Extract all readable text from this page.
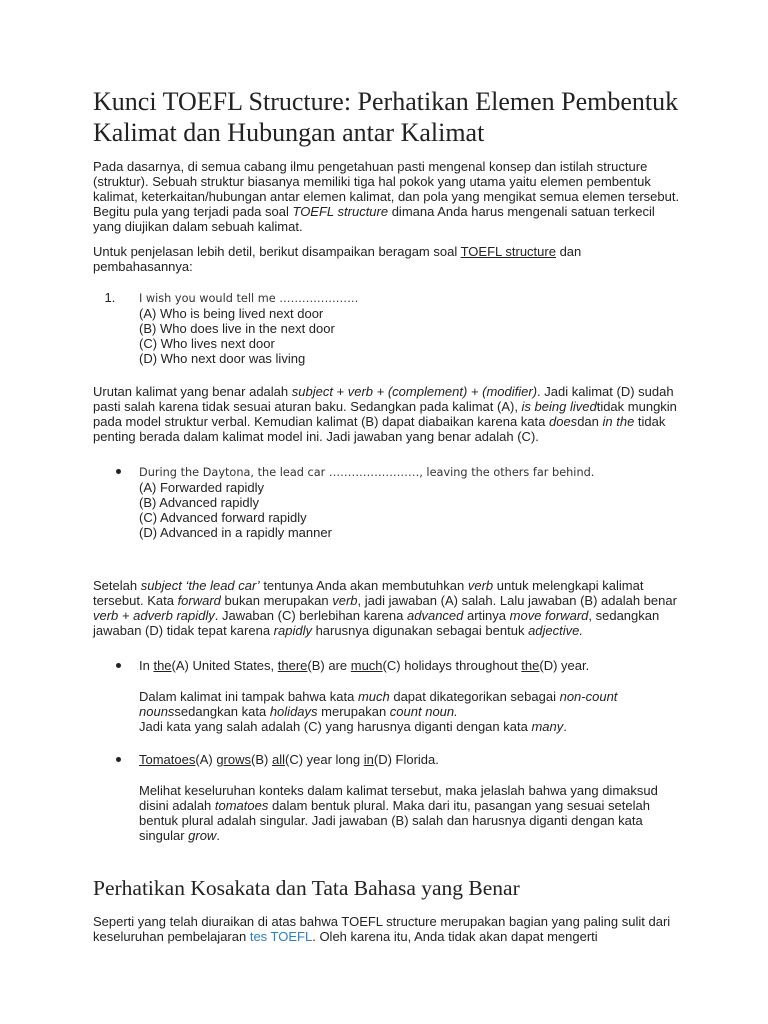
Kunci TOEFL Structure: Perhatikan Elemen Pembentuk Kalimat dan Hubungan antar Kalimat

Pada dasarnya, di semua cabang ilmu pengetahuan pasti mengenal konsep dan istilah structure (struktur). Sebuah struktur biasanya memiliki tiga hal pokok yang utama yaitu elemen pembentuk kalimat, keterkaitan/hubungan antar elemen kalimat, dan pola yang mengikat semua elemen tersebut. Begitu pula yang terjadi pada soal TOEFL structure dimana Anda harus mengenali satuan terkecil yang diujikan dalam sebuah kalimat.

Untuk penjelasan lebih detil, berikut disampaikan beragam soal TOEFL structure dan pembahasannya:

1. I wish you would tell me …………………
(A) Who is being lived next door
(B) Who does live in the next door
(C) Who lives next door
(D) Who next door was living

Urutan kalimat yang benar adalah subject + verb + (complement) + (modifier). Jadi kalimat (D) sudah pasti salah karena tidak sesuai aturan baku. Sedangkan pada kalimat (A), is being livedtidak mungkin pada model struktur verbal. Kemudian kalimat (B) dapat diabaikan karena kata doesdan in the tidak penting berada dalam kalimat model ini. Jadi jawaban yang benar adalah (C).

During the Daytona, the lead car ……………………, leaving the others far behind.
(A) Forwarded rapidly
(B) Advanced rapidly
(C) Advanced forward rapidly
(D) Advanced in a rapidly manner

Setelah subject ‘the lead car’ tentunya Anda akan membutuhkan verb untuk melengkapi kalimat tersebut. Kata forward bukan merupakan verb, jadi jawaban (A) salah. Lalu jawaban (B) adalah benar verb + adverb rapidly. Jawaban (C) berlebihan karena advanced artinya move forward, sedangkan jawaban (D) tidak tepat karena rapidly harusnya digunakan sebagai bentuk adjective.

In the(A) United States, there(B) are much(C) holidays throughout the(D) year.

Dalam kalimat ini tampak bahwa kata much dapat dikategorikan sebagai non-count nounssedangkan kata holidays merupakan count noun.
Jadi kata yang salah adalah (C) yang harusnya diganti dengan kata many.

Tomatoes(A) grows(B) all(C) year long in(D) Florida.

Melihat keseluruhan konteks dalam kalimat tersebut, maka jelaslah bahwa yang dimaksud disini adalah tomatoes dalam bentuk plural. Maka dari itu, pasangan yang sesuai setelah bentuk plural adalah singular. Jadi jawaban (B) salah dan harusnya diganti dengan kata singular grow.

Perhatikan Kosakata dan Tata Bahasa yang Benar

Seperti yang telah diuraikan di atas bahwa TOEFL structure merupakan bagian yang paling sulit dari keseluruhan pembelajaran tes TOEFL. Oleh karena itu, Anda tidak akan dapat mengerti
